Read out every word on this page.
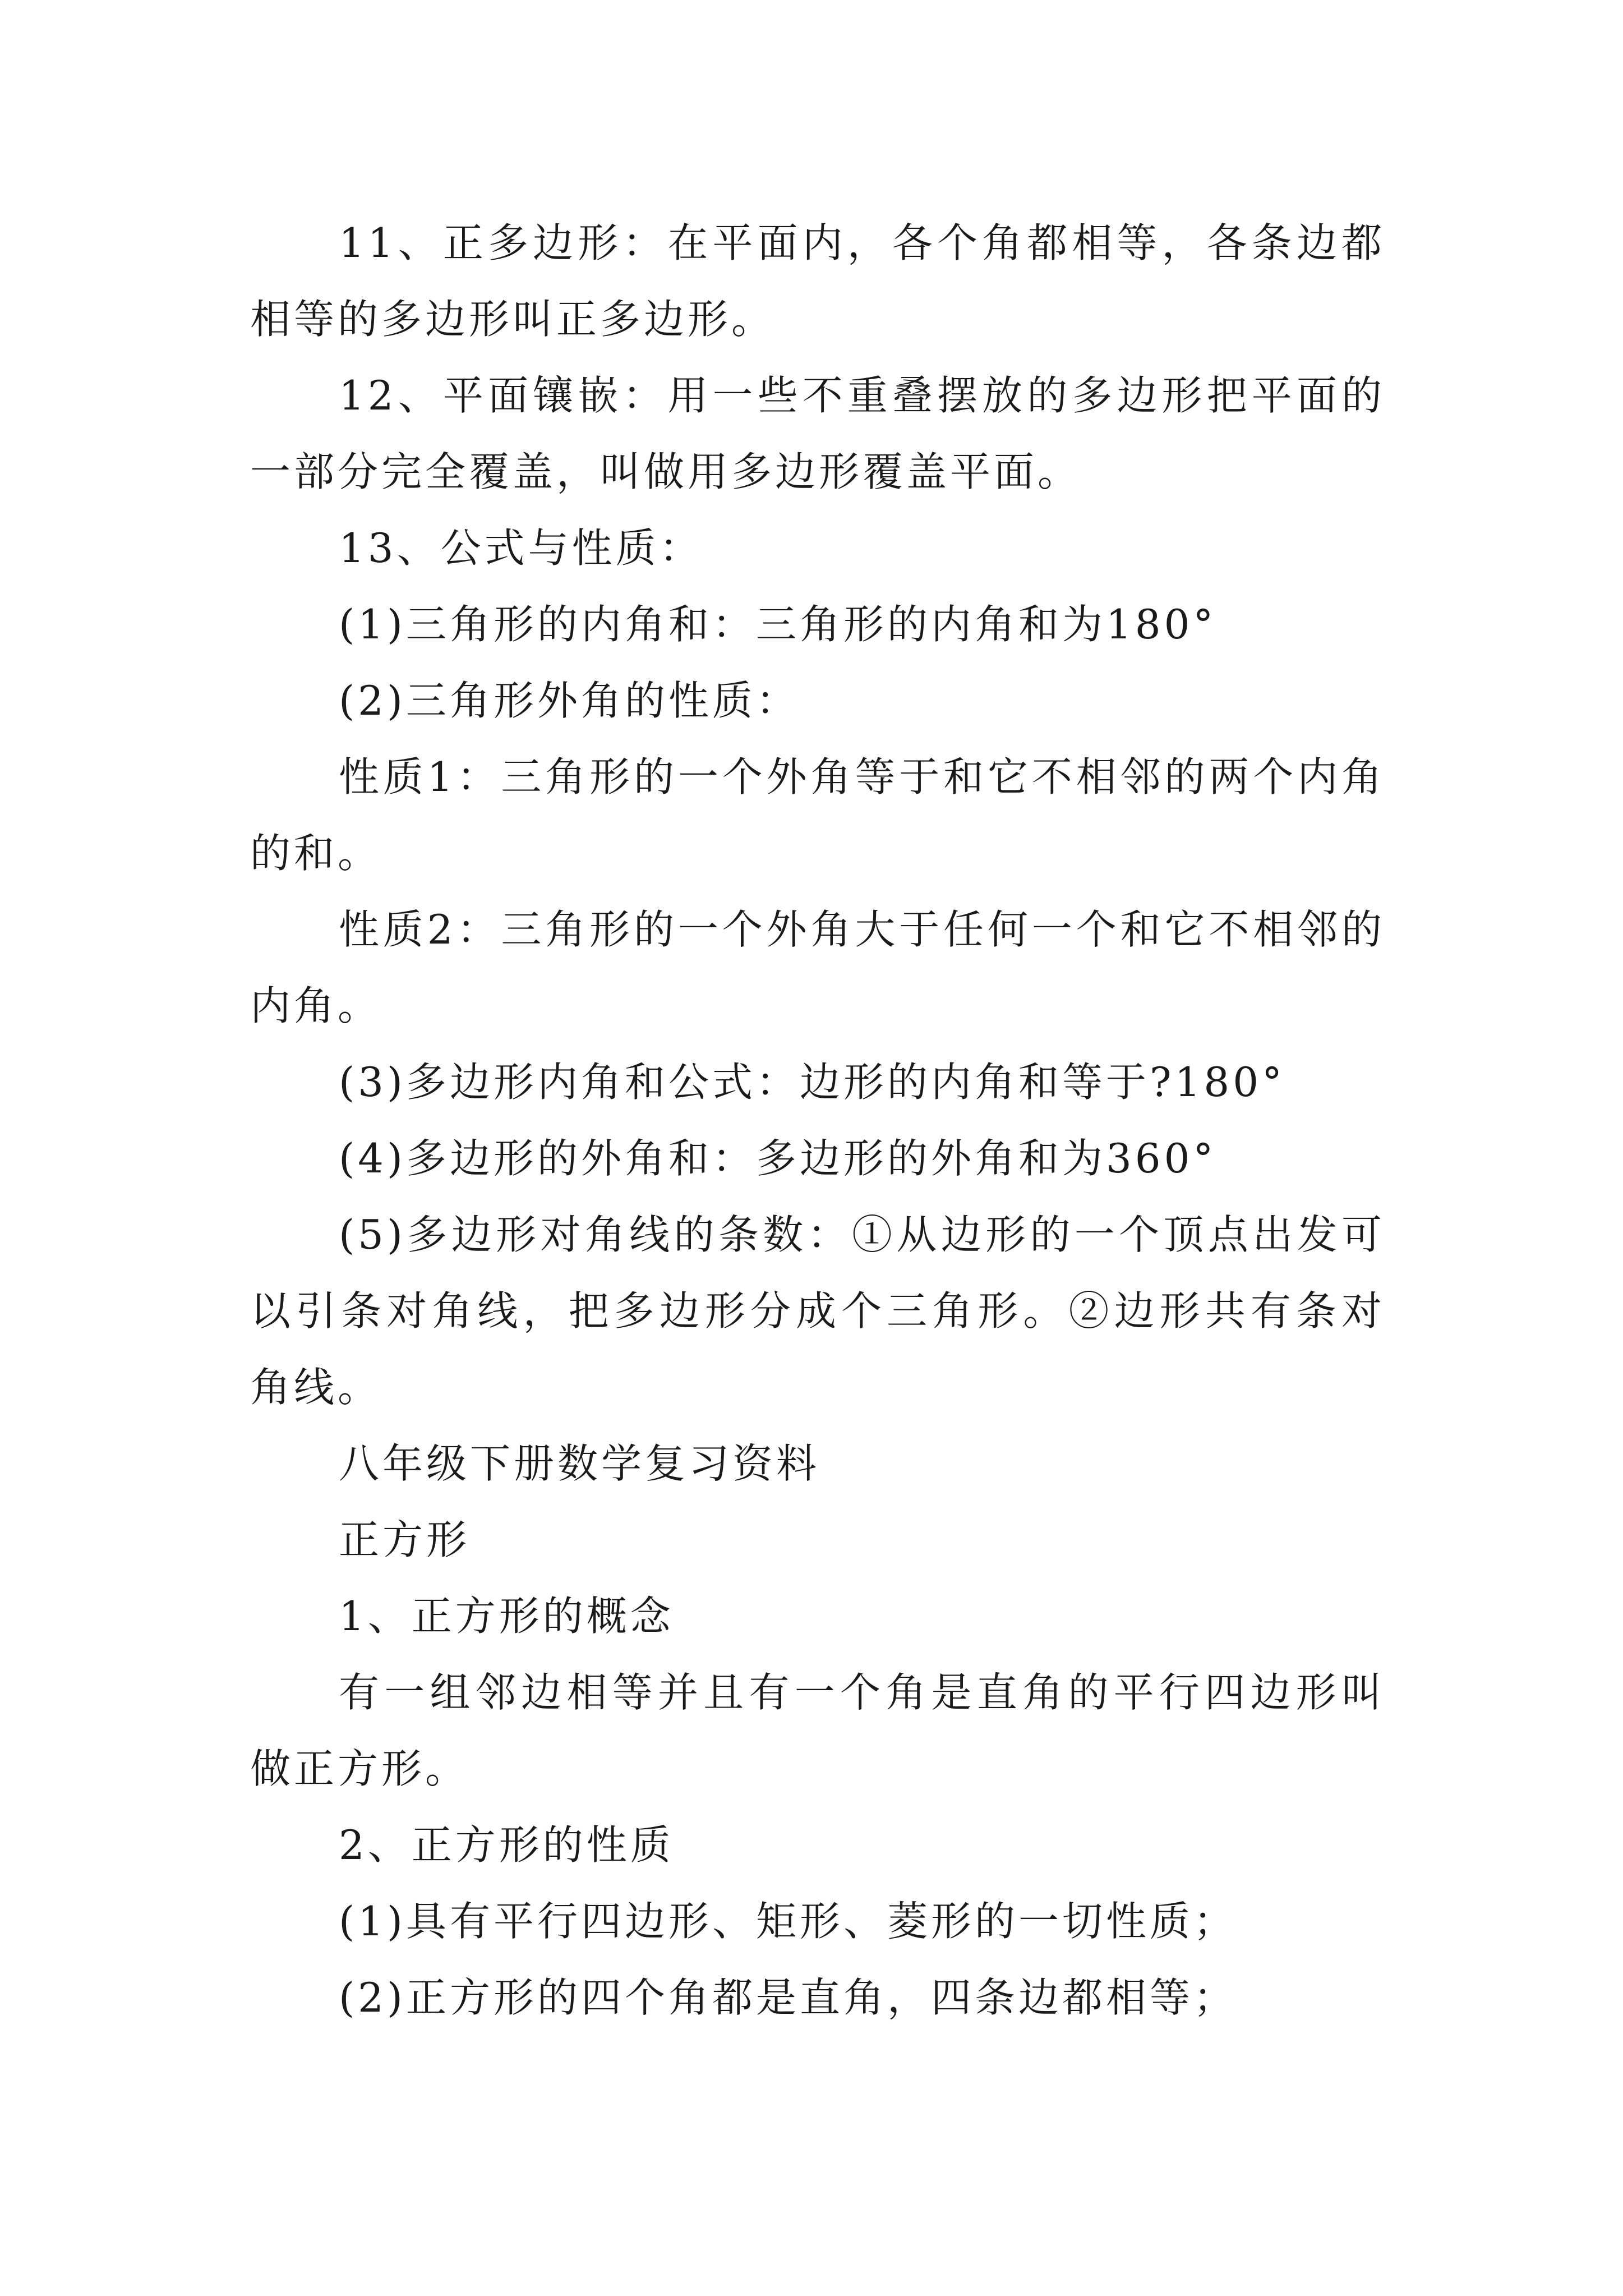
11、正多边形：在平面内，各个角都相等，各条边都相等的多边形叫正多边形。

12、平面镶嵌：用一些不重叠摆放的多边形把平面的一部分完全覆盖，叫做用多边形覆盖平面。

13、公式与性质：

(1)三角形的内角和：三角形的内角和为180°

(2)三角形外角的性质：

性质1：三角形的一个外角等于和它不相邻的两个内角的和。

性质2：三角形的一个外角大于任何一个和它不相邻的内角。

(3)多边形内角和公式：边形的内角和等于?180°

(4)多边形的外角和：多边形的外角和为360°

(5)多边形对角线的条数：①从边形的一个顶点出发可以引条对角线，把多边形分成个三角形。②边形共有条对角线。

八年级下册数学复习资料

正方形

1、正方形的概念

有一组邻边相等并且有一个角是直角的平行四边形叫做正方形。

2、正方形的性质

(1)具有平行四边形、矩形、菱形的一切性质；

(2)正方形的四个角都是直角，四条边都相等；
